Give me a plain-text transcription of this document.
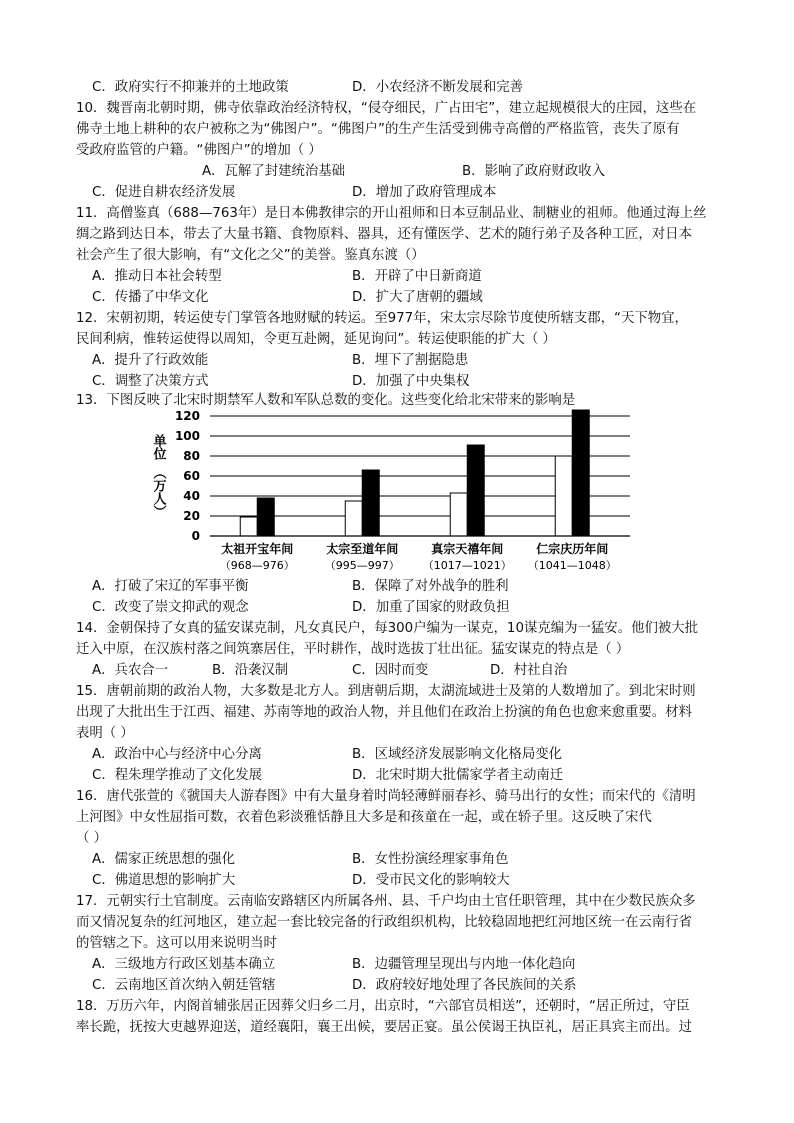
C．政府实行不抑兼并的土地政策	D．小农经济不断发展和完善
10．魏晋南北朝时期，佛寺依靠政治经济特权，“侵夺细民，广占田宅”，建立起规模很大的庄园，这些在
佛寺土地上耕种的农户被称之为“佛图户”。“佛图户”的生产生活受到佛寺高僧的严格监管，丧失了原有
受政府监管的户籍。“佛图户”的增加（ ）
A．瓦解了封建统治基础	B．影响了政府财政收入
C．促进自耕农经济发展	D．增加了政府管理成本
11．高僧鉴真（688—763年）是日本佛教律宗的开山祖师和日本豆制品业、制糖业的祖师。他通过海上丝
绸之路到达日本，带去了大量书籍、食物原料、器具，还有懂医学、艺术的随行弟子及各种工匠，对日本
社会产生了很大影响，有“文化之父”的美誉。鉴真东渡（）
A．推动日本社会转型	B．开辟了中日新商道
C．传播了中华文化	D．扩大了唐朝的疆域
12．宋朝初期，转运使专门掌管各地财赋的转运。至977年，宋太宗尽除节度使所辖支郡，“天下物宜，
民间利病，惟转运使得以周知，令更互赴阙，延见询问”。转运使职能的扩大（ ）
A．提升了行政效能	B．埋下了割据隐患
C．调整了决策方式	D．加强了中央集权
13．下图反映了北宋时期禁军人数和军队总数的变化。这些变化给北宋带来的影响是
单位
（万人）
0
20
40
60
80
100
120
太祖开宝年间
（968—976）
太宗至道年间
（995—997）
真宗天禧年间
（1017—1021）
仁宗庆历年间
（1041—1048）
A．打破了宋辽的军事平衡	B．保障了对外战争的胜利
C．改变了崇文抑武的观念	D．加重了国家的财政负担
14．金朝保持了女真的猛安谋克制，凡女真民户，每300户编为一谋克，10谋克编为一猛安。他们被大批
迁入中原，在汉族村落之间筑寨居住，平时耕作，战时选拔丁壮出征。猛安谋克的特点是（ ）
A．兵农合一	B．沿袭汉制	C．因时而变	D．村社自治
15．唐朝前期的政治人物，大多数是北方人。到唐朝后期，太湖流域进士及第的人数增加了。到北宋时则
出现了大批出生于江西、福建、苏南等地的政治人物，并且他们在政治上扮演的角色也愈来愈重要。材料
表明（ ）
A．政治中心与经济中心分离	B．区域经济发展影响文化格局变化
C．程朱理学推动了文化发展	D．北宋时期大批儒家学者主动南迁
16．唐代张萱的《虢国夫人游春图》中有大量身着时尚轻薄鲜丽春衫、骑马出行的女性；而宋代的《清明
上河图》中女性屈指可数，衣着色彩淡雅恬静且大多是和孩童在一起，或在轿子里。这反映了宋代
（ ）
A．儒家正统思想的强化	B．女性扮演经理家事角色
C．佛道思想的影响扩大	D．受市民文化的影响较大
17．元朝实行土官制度。云南临安路辖区内所属各州、县、千户均由土官任职管理，其中在少数民族众多
而又情况复杂的红河地区，建立起一套比较完备的行政组织机构，比较稳固地把红河地区统一在云南行省
的管辖之下。这可以用来说明当时
A．三级地方行政区划基本确立	B．边疆管理呈现出与内地一体化趋向
C．云南地区首次纳入朝廷管辖	D．政府较好地处理了各民族间的关系
18．万历六年，内阁首辅张居正因葬父归乡二月，出京时，“六部官员相送”，还朝时，“居正所过，守臣
率长跪，抚按大吏越界迎送，道经襄阳，襄王出候，要居正宴。虽公侯谒王执臣礼，居正具宾主而出。过
